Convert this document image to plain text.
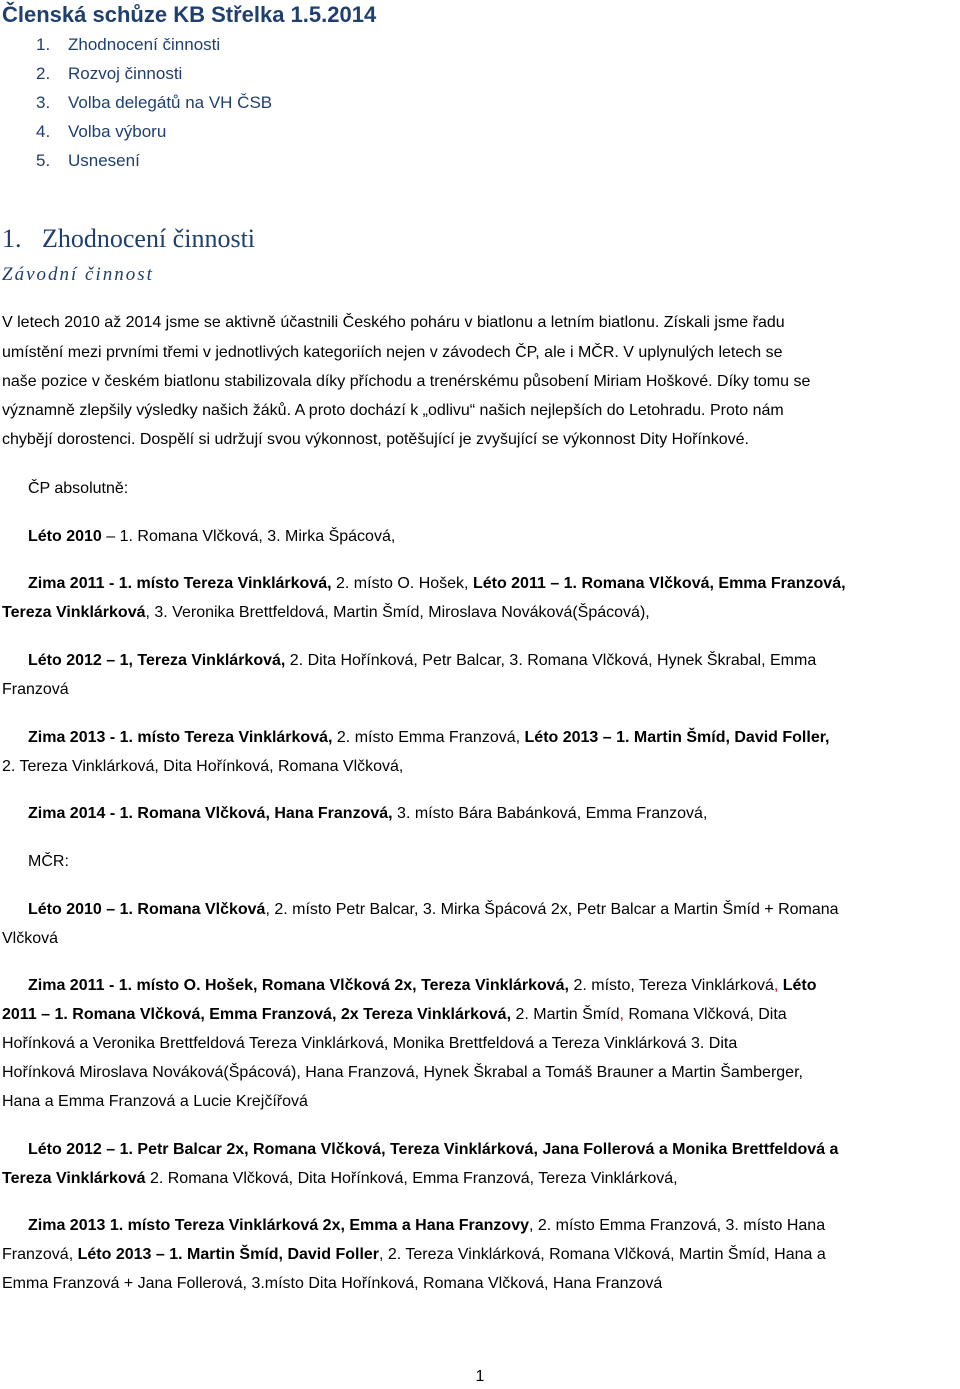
Členská schůze KB Střelka 1.5.2014
1. Zhodnocení činnosti
2. Rozvoj činnosti
3. Volba delegátů na VH ČSB
4. Volba výboru
5. Usnesení
1. Zhodnocení činnosti
Závodní činnost
V letech 2010 až 2014 jsme se aktivně účastnili Českého poháru v biatlonu a letním biatlonu. Získali jsme řadu
umístění mezi prvními třemi v jednotlivých kategoriích nejen v závodech ČP, ale i MČR. V uplynulých letech se
naše pozice v českém biatlonu stabilizovala díky příchodu a trenérskému působení Miriam Hoškové. Díky tomu se
významně zlepšily výsledky našich žáků. A proto dochází k „odlivu“ našich nejlepších do Letohradu. Proto nám
chybějí dorostenci. Dospělí si udržují svou výkonnost, potěšující je zvyšující se výkonnost Dity Hořínkové.
ČP absolutně:
Léto 2010 – 1. Romana Vlčková, 3. Mirka Špácová,
Zima 2011 - 1. místo Tereza Vinklárková, 2. místo O. Hošek, Léto 2011 – 1. Romana Vlčková, Emma Franzová,
Tereza Vinklárková, 3. Veronika Brettfeldová, Martin Šmíd, Miroslava Nováková(Špácová),
Léto 2012 – 1, Tereza Vinklárková, 2. Dita Hořínková, Petr Balcar, 3. Romana Vlčková, Hynek Škrabal, Emma
Franzová
Zima 2013 - 1. místo Tereza Vinklárková, 2. místo Emma Franzová, Léto 2013 – 1. Martin Šmíd, David Foller,
2. Tereza Vinklárková, Dita Hořínková, Romana Vlčková,
Zima 2014 - 1. Romana Vlčková, Hana Franzová, 3. místo Bára Babánková, Emma Franzová,
MČR:
Léto 2010 – 1. Romana Vlčková, 2. místo Petr Balcar, 3. Mirka Špácová 2x, Petr Balcar a Martin Šmíd + Romana
Vlčková
Zima 2011 - 1. místo O. Hošek, Romana Vlčková 2x, Tereza Vinklárková, 2. místo, Tereza Vinklárková, Léto
2011 – 1. Romana Vlčková, Emma Franzová, 2x Tereza Vinklárková, 2. Martin Šmíd, Romana Vlčková, Dita
Hořínková a Veronika Brettfeldová Tereza Vinklárková, Monika Brettfeldová a Tereza Vinklárková 3. Dita
Hořínková Miroslava Nováková(Špácová), Hana Franzová, Hynek Škrabal a Tomáš Brauner a Martin Šamberger,
Hana a Emma Franzová a Lucie Krejčířová
Léto 2012 – 1. Petr Balcar 2x, Romana Vlčková, Tereza Vinklárková, Jana Follerová a Monika Brettfeldová a
Tereza Vinklárková 2. Romana Vlčková, Dita Hořínková, Emma Franzová, Tereza Vinklárková,
Zima 2013 1. místo Tereza Vinklárková 2x, Emma a Hana Franzovy, 2. místo Emma Franzová, 3. místo Hana
Franzová, Léto 2013 – 1. Martin Šmíd, David Foller, 2. Tereza Vinklárková, Romana Vlčková, Martin Šmíd, Hana a
Emma Franzová + Jana Follerová, 3.místo Dita Hořínková, Romana Vlčková, Hana Franzová
1
